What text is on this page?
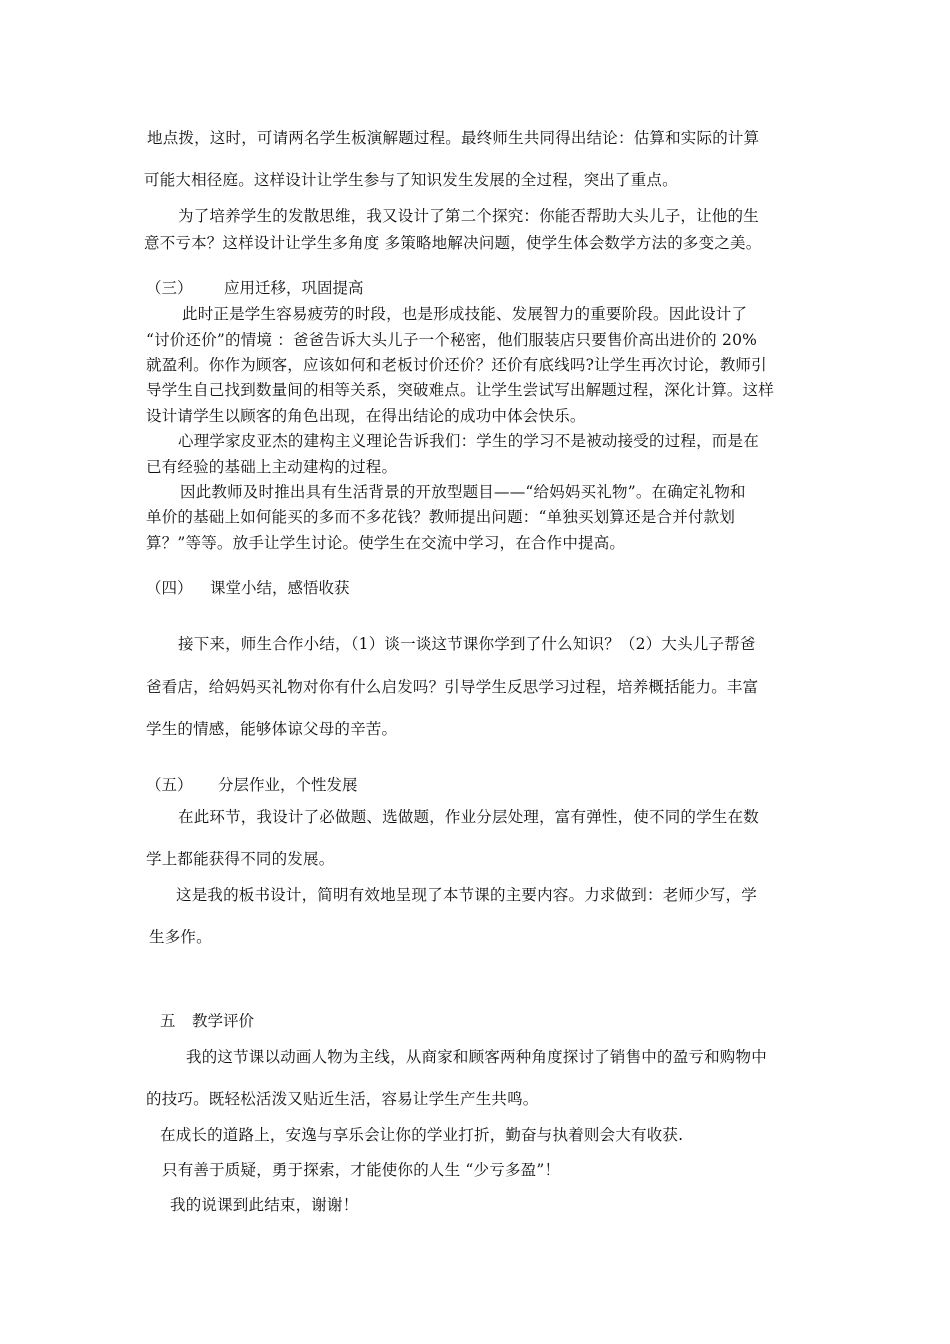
地点拨，这时，可请两名学生板演解题过程。最终师生共同得出结论：估算和实际的计算
可能大相径庭。这样设计让学生参与了知识发生发展的全过程，突出了重点。
为了培养学生的发散思维，我又设计了第二个探究：你能否帮助大头儿子，让他的生
意不亏本？这样设计让学生多角度 多策略地解决问题，使学生体会数学方法的多变之美。
（三） 应用迁移，巩固提高
此时正是学生容易疲劳的时段，也是形成技能、发展智力的重要阶段。因此设计了
“讨价还价”的情境 ：爸爸告诉大头儿子一个秘密，他们服装店只要售价高出进价的 20%
就盈利。你作为顾客，应该如何和老板讨价还价？还价有底线吗?让学生再次讨论，教师引
导学生自己找到数量间的相等关系，突破难点。让学生尝试写出解题过程，深化计算。这样
设计请学生以顾客的角色出现，在得出结论的成功中体会快乐。
心理学家皮亚杰的建构主义理论告诉我们：学生的学习不是被动接受的过程，而是在
已有经验的基础上主动建构的过程。
因此教师及时推出具有生活背景的开放型题目——“给妈妈买礼物”。在确定礼物和
单价的基础上如何能买的多而不多花钱？教师提出问题：“单独买划算还是合并付款划
算？”等等。放手让学生讨论。使学生在交流中学习，在合作中提高。
（四） 课堂小结，感悟收获
接下来，师生合作小结，（1）谈一谈这节课你学到了什么知识？（2）大头儿子帮爸
爸看店，给妈妈买礼物对你有什么启发吗？引导学生反思学习过程，培养概括能力。丰富
学生的情感，能够体谅父母的辛苦。
（五） 分层作业，个性发展
在此环节，我设计了必做题、选做题，作业分层处理，富有弹性，使不同的学生在数
学上都能获得不同的发展。
这是我的板书设计，简明有效地呈现了本节课的主要内容。力求做到：老师少写，学
生多作。
五 教学评价
我的这节课以动画人物为主线，从商家和顾客两种角度探讨了销售中的盈亏和购物中
的技巧。既轻松活泼又贴近生活，容易让学生产生共鸣。
在成长的道路上，安逸与享乐会让你的学业打折，勤奋与执着则会大有收获.
只有善于质疑，勇于探索，才能使你的人生 “少亏多盈”！
我的说课到此结束，谢谢！
